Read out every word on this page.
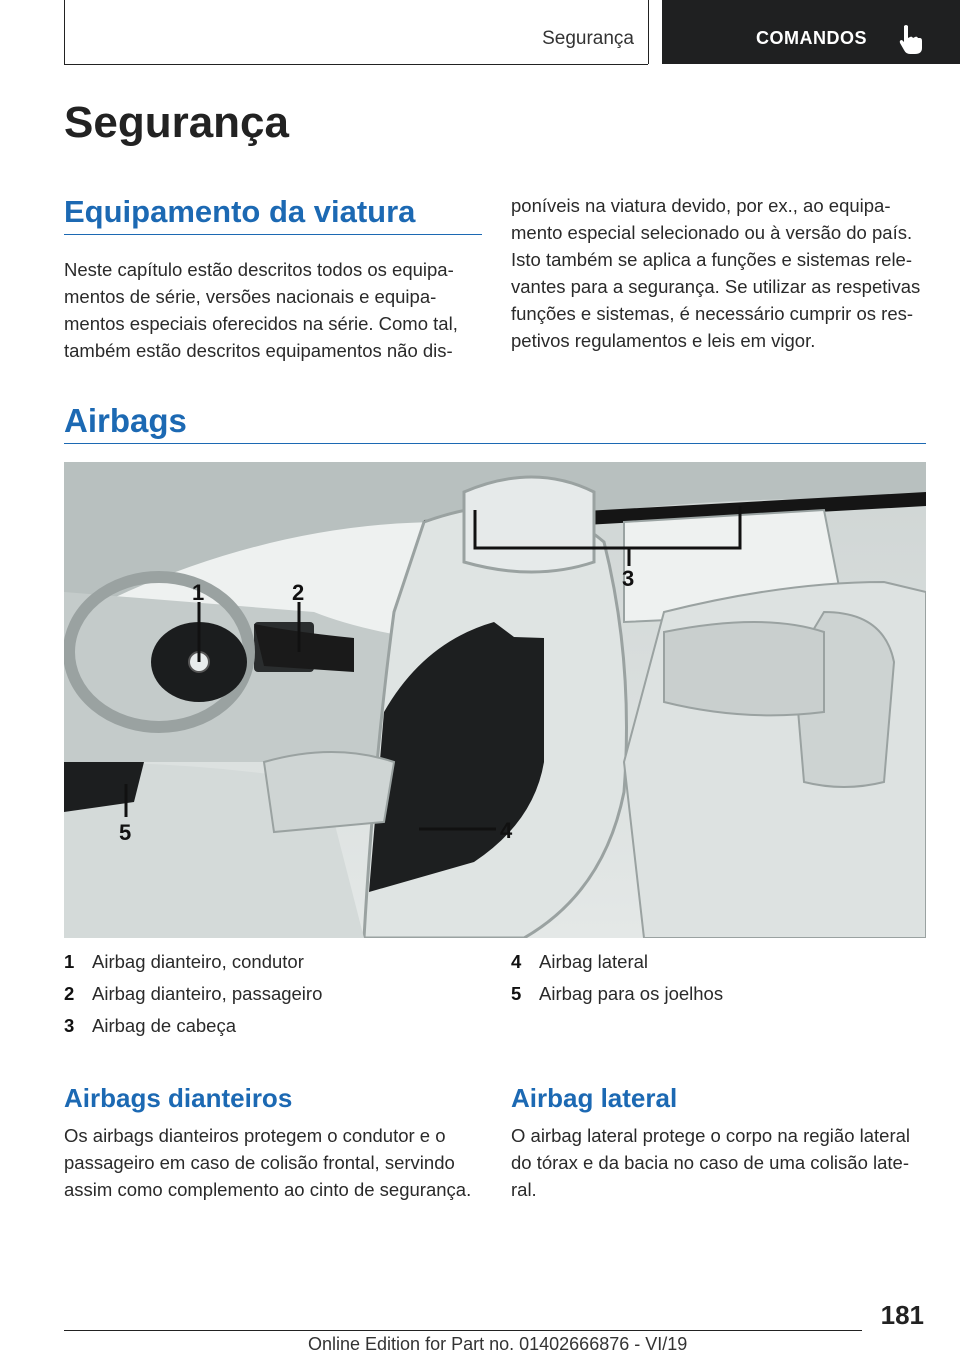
Segurança	COMANDOS
Segurança
Equipamento da viatura

Neste capítulo estão descritos todos os equipamentos de série, versões nacionais e equipamentos especiais oferecidos na série. Como tal, também estão descritos equipamentos não dis-

poníveis na viatura devido, por ex., ao equipamento especial selecionado ou à versão do país. Isto também se aplica a funções e sistemas relevantes para a segurança. Se utilizar as respetivas funções e sistemas, é necessário cumprir os respetivos regulamentos e leis em vigor.

Airbags
1	2
3
4
5
1 Airbag dianteiro, condutor
2 Airbag dianteiro, passageiro
3 Airbag de cabeça
4 Airbag lateral
5 Airbag para os joelhos
Airbags dianteiros

Os airbags dianteiros protegem o condutor e o passageiro em caso de colisão frontal, servindo assim como complemento ao cinto de segurança.

Airbag lateral

O airbag lateral protege o corpo na região lateral do tórax e da bacia no caso de uma colisão lateral.

181
Online Edition for Part no. 01402666876 - VI/19
